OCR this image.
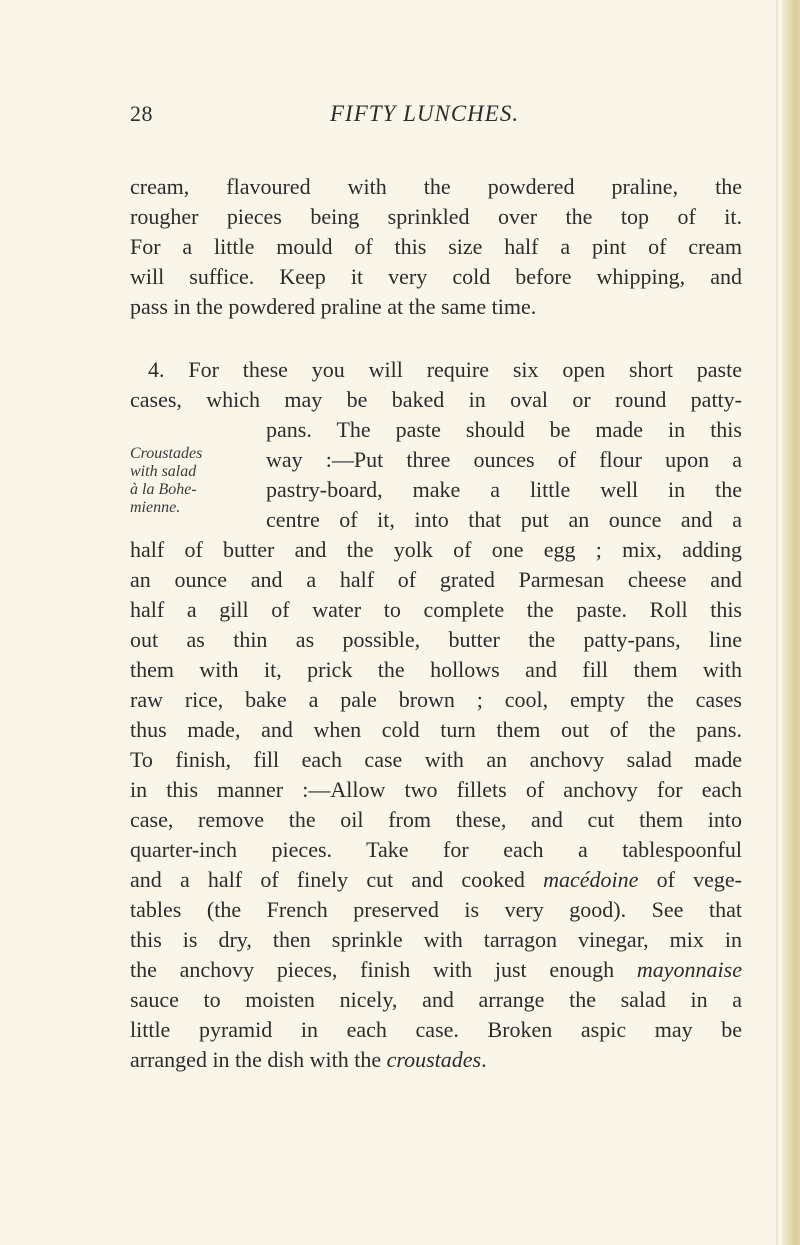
28	FIFTY LUNCHES.
Croustades
with salad
à la Bohe-
mienne.
cream, flavoured with the powdered praline, the
rougher pieces being sprinkled over the top of it.
For a little mould of this size half a pint of cream
will suffice. Keep it very cold before whipping, and
pass in the powdered praline at the same time.
4. For these you will require six open short paste
cases, which may be baked in oval or round patty-
pans. The paste should be made in this
way :—Put three ounces of flour upon a
pastry-board, make a little well in the
centre of it, into that put an ounce and a
half of butter and the yolk of one egg ; mix, adding
an ounce and a half of grated Parmesan cheese and
half a gill of water to complete the paste. Roll this
out as thin as possible, butter the patty-pans, line
them with it, prick the hollows and fill them with
raw rice, bake a pale brown ; cool, empty the cases
thus made, and when cold turn them out of the pans.
To finish, fill each case with an anchovy salad made
in this manner :—Allow two fillets of anchovy for each
case, remove the oil from these, and cut them into
quarter-inch pieces. Take for each a tablespoonful
and a half of finely cut and cooked macédoine of vege-
tables (the French preserved is very good). See that
this is dry, then sprinkle with tarragon vinegar, mix in
the anchovy pieces, finish with just enough mayonnaise
sauce to moisten nicely, and arrange the salad in a
little pyramid in each case. Broken aspic may be
arranged in the dish with the croustades.
